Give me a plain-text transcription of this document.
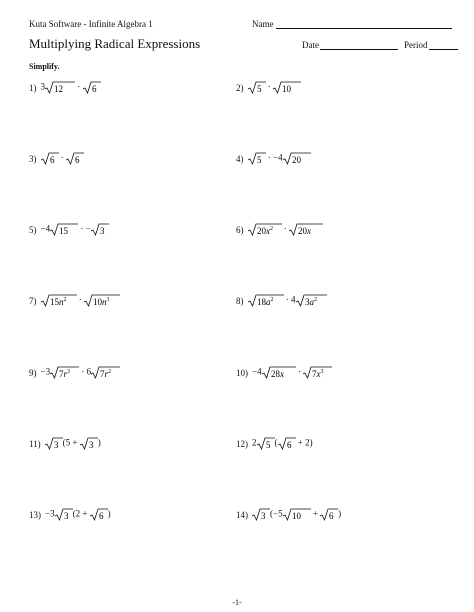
Kuta Software - Infinite Algebra 1	Name
Multiplying Radical Expressions	Date	Period
Simplify.
1) 3 12 · 6	2) 5 · 10
3) 6 · 6	4) 5 · −4 20
5) −4 15 · − 3	6) $20x^2 \cdot 20x$
7) $15n^2 \cdot 10n^3$	8) $18a^2 \cdot 4$ $3a^2$
9) −3 $7r^3 \cdot 6$ $7r^2$	10) −4 $28x \cdot 7x^3$
11) 3 (5 + 3 )	12) 2 5 ( 6 + 2)
13) −3 3 (2 + 6 )	14) 3 (−5 10 + 6 )
-1-
